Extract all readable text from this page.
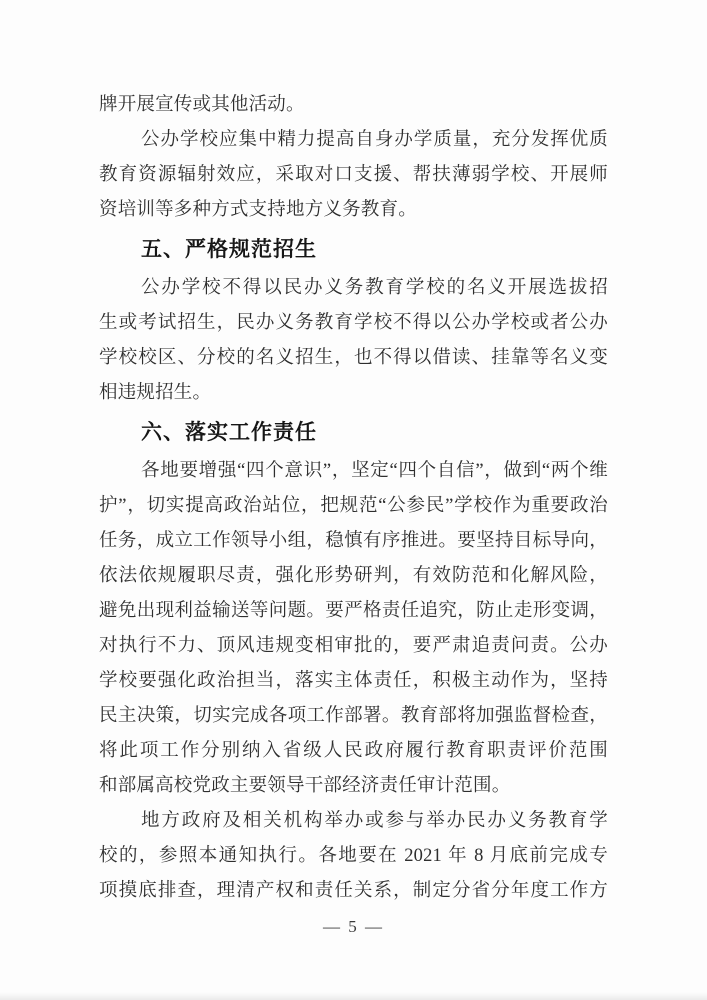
牌开展宣传或其他活动。
公办学校应集中精力提高自身办学质量，充分发挥优质
教育资源辐射效应，采取对口支援、帮扶薄弱学校、开展师
资培训等多种方式支持地方义务教育。
五、严格规范招生
公办学校不得以民办义务教育学校的名义开展选拔招
生或考试招生，民办义务教育学校不得以公办学校或者公办
学校校区、分校的名义招生，也不得以借读、挂靠等名义变
相违规招生。
六、落实工作责任
各地要增强“四个意识”，坚定“四个自信”，做到“两个维
护”，切实提高政治站位，把规范“公参民”学校作为重要政治
任务，成立工作领导小组，稳慎有序推进。要坚持目标导向，
依法依规履职尽责，强化形势研判，有效防范和化解风险，
避免出现利益输送等问题。要严格责任追究，防止走形变调，
对执行不力、顶风违规变相审批的，要严肃追责问责。公办
学校要强化政治担当，落实主体责任，积极主动作为，坚持
民主决策，切实完成各项工作部署。教育部将加强监督检查，
将此项工作分别纳入省级人民政府履行教育职责评价范围
和部属高校党政主要领导干部经济责任审计范围。
地方政府及相关机构举办或参与举办民办义务教育学
校的，参照本通知执行。各地要在 2021 年 8 月底前完成专
项摸底排查，理清产权和责任关系，制定分省分年度工作方
— 5 —
